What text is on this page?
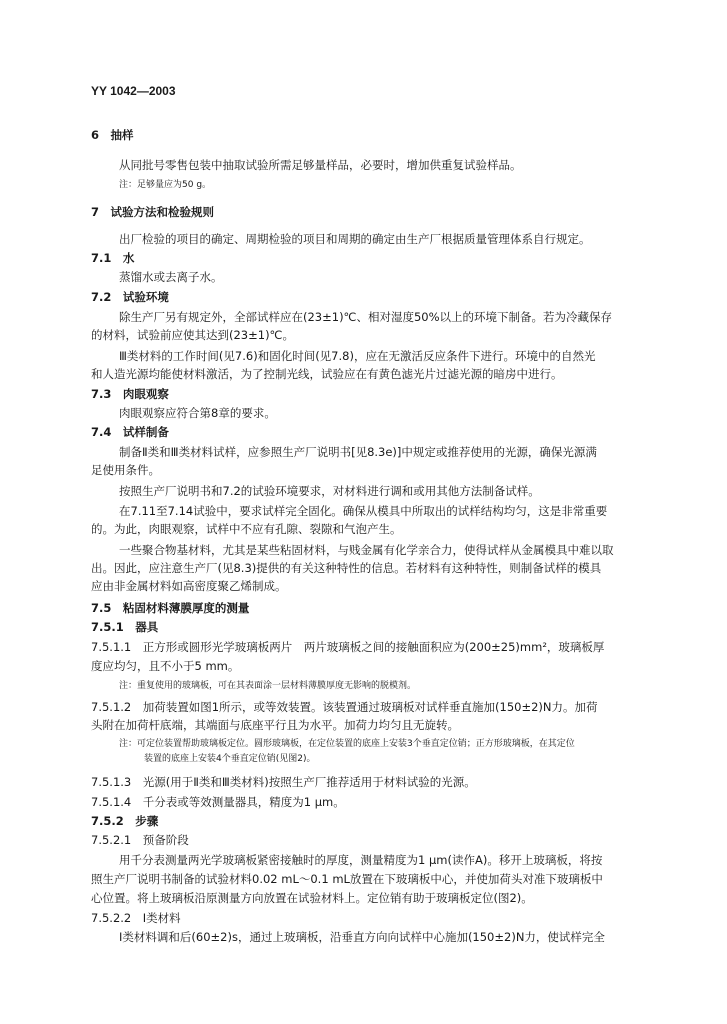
YY 1042—2003
6　抽样
从同批号零售包装中抽取试验所需足够量样品，必要时，增加供重复试验样品。
注：足够量应为50 g。
7　试验方法和检验规则
出厂检验的项目的确定、周期检验的项目和周期的确定由生产厂根据质量管理体系自行规定。
7.1　水
蒸馏水或去离子水。
7.2　试验环境
除生产厂另有规定外，全部试样应在(23±1)℃、相对湿度50%以上的环境下制备。若为冷藏保存
的材料，试验前应使其达到(23±1)℃。
Ⅲ类材料的工作时间(见7.6)和固化时间(见7.8)，应在无激活反应条件下进行。环境中的自然光
和人造光源均能使材料激活，为了控制光线，试验应在有黄色滤光片过滤光源的暗房中进行。
7.3　肉眼观察
肉眼观察应符合第8章的要求。
7.4　试样制备
制备Ⅱ类和Ⅲ类材料试样，应参照生产厂说明书[见8.3e)]中规定或推荐使用的光源，确保光源满
足使用条件。
按照生产厂说明书和7.2的试验环境要求，对材料进行调和或用其他方法制备试样。
在7.11至7.14试验中，要求试样完全固化。确保从模具中所取出的试样结构均匀，这是非常重要
的。为此，肉眼观察，试样中不应有孔隙、裂隙和气泡产生。
一些聚合物基材料，尤其是某些粘固材料，与贱金属有化学亲合力，使得试样从金属模具中难以取
出。因此，应注意生产厂(见8.3)提供的有关这种特性的信息。若材料有这种特性，则制备试样的模具
应由非金属材料如高密度聚乙烯制成。
7.5　粘固材料薄膜厚度的测量
7.5.1　器具
7.5.1.1　正方形或圆形光学玻璃板两片　两片玻璃板之间的接触面积应为(200±25)mm²，玻璃板厚
度应均匀，且不小于5 mm。
注：重复使用的玻璃板，可在其表面涂一层材料薄膜厚度无影响的脱模剂。
7.5.1.2　加荷装置如图1所示，或等效装置。该装置通过玻璃板对试样垂直施加(150±2)N力。加荷
头附在加荷杆底端，其端面与底座平行且为水平。加荷力均匀且无旋转。
注：可定位装置帮助玻璃板定位。圆形玻璃板，在定位装置的底座上安装3个垂直定位销；正方形玻璃板，在其定位
装置的底座上安装4个垂直定位销(见图2)。
7.5.1.3　光源(用于Ⅱ类和Ⅲ类材料)按照生产厂推荐适用于材料试验的光源。
7.5.1.4　千分表或等效测量器具，精度为1 μm。
7.5.2　步骤
7.5.2.1　预备阶段
用千分表测量两光学玻璃板紧密接触时的厚度，测量精度为1 μm(读作A)。移开上玻璃板，将按
照生产厂说明书制备的试验材料0.02 mL～0.1 mL放置在下玻璃板中心，并使加荷头对准下玻璃板中
心位置。将上玻璃板沿原测量方向放置在试验材料上。定位销有助于玻璃板定位(图2)。
7.5.2.2　Ⅰ类材料
Ⅰ类材料调和后(60±2)s，通过上玻璃板，沿垂直方向向试样中心施加(150±2)N力，使试样完全
